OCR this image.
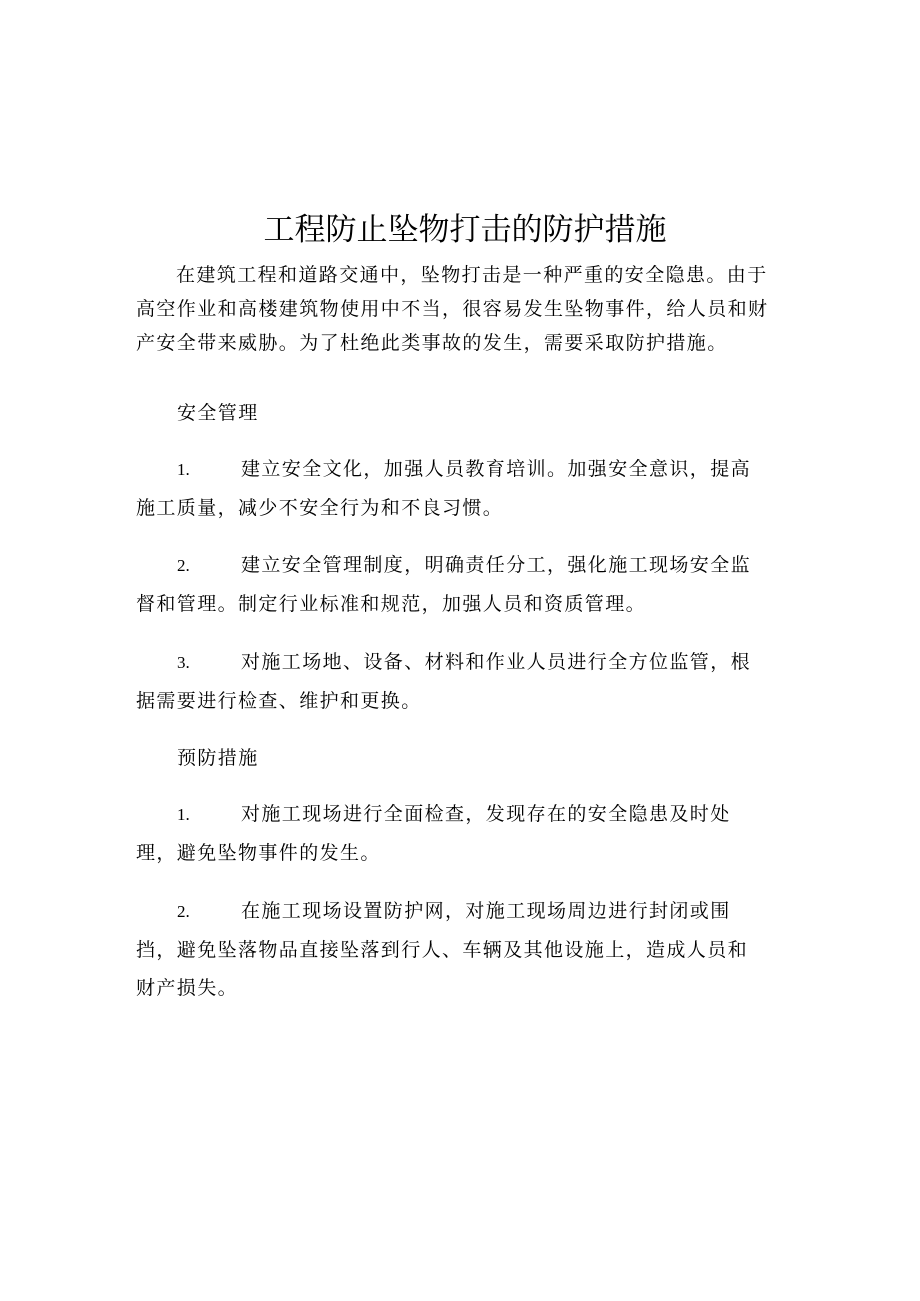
工程防止坠物打击的防护措施

在建筑工程和道路交通中，坠物打击是一种严重的安全隐患。由于高空作业和高楼建筑物使用中不当，很容易发生坠物事件，给人员和财产安全带来威胁。为了杜绝此类事故的发生，需要采取防护措施。

安全管理

1.	建立安全文化，加强人员教育培训。加强安全意识，提高施工质量，减少不安全行为和不良习惯。

2.	建立安全管理制度，明确责任分工，强化施工现场安全监督和管理。制定行业标准和规范，加强人员和资质管理。

3.	对施工场地、设备、材料和作业人员进行全方位监管，根据需要进行检查、维护和更换。

预防措施

1.	对施工现场进行全面检查，发现存在的安全隐患及时处理，避免坠物事件的发生。

2.	在施工现场设置防护网，对施工现场周边进行封闭或围挡，避免坠落物品直接坠落到行人、车辆及其他设施上，造成人员和财产损失。
